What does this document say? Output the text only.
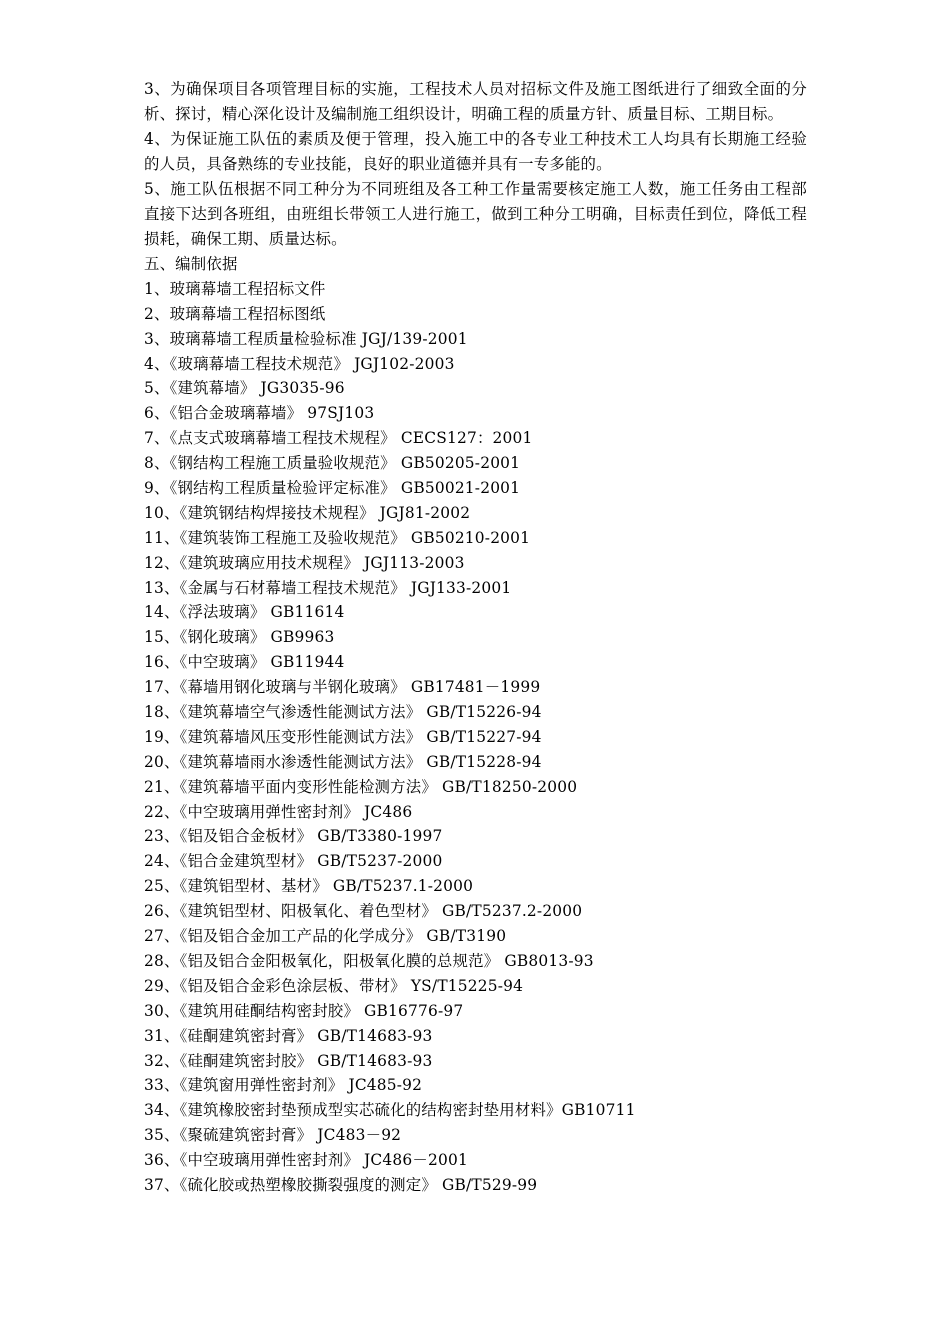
3、为确保项目各项管理目标的实施，工程技术人员对招标文件及施工图纸进行了细致全面的分析、探讨，精心深化设计及编制施工组织设计，明确工程的质量方针、质量目标、工期目标。

4、为保证施工队伍的素质及便于管理，投入施工中的各专业工种技术工人均具有长期施工经验的人员，具备熟练的专业技能，良好的职业道德并具有一专多能的。

5、施工队伍根据不同工种分为不同班组及各工种工作量需要核定施工人数，施工任务由工程部直接下达到各班组，由班组长带领工人进行施工，做到工种分工明确，目标责任到位，降低工程损耗，确保工期、质量达标。

五、编制依据

1、玻璃幕墙工程招标文件

2、玻璃幕墙工程招标图纸

3、玻璃幕墙工程质量检验标准 JGJ/139-2001

4、《玻璃幕墙工程技术规范》 JGJ102-2003

5、《建筑幕墙》 JG3035-96

6、《铝合金玻璃幕墙》 97SJ103

7、《点支式玻璃幕墙工程技术规程》 CECS127：2001

8、《钢结构工程施工质量验收规范》 GB50205-2001

9、《钢结构工程质量检验评定标准》 GB50021-2001

10、《建筑钢结构焊接技术规程》 JGJ81-2002

11、《建筑装饰工程施工及验收规范》 GB50210-2001

12、《建筑玻璃应用技术规程》 JGJ113-2003

13、《金属与石材幕墙工程技术规范》 JGJ133-2001

14、《浮法玻璃》 GB11614

15、《钢化玻璃》 GB9963

16、《中空玻璃》 GB11944

17、《幕墙用钢化玻璃与半钢化玻璃》 GB17481－1999

18、《建筑幕墙空气渗透性能测试方法》 GB/T15226-94

19、《建筑幕墙风压变形性能测试方法》 GB/T15227-94

20、《建筑幕墙雨水渗透性能测试方法》 GB/T15228-94

21、《建筑幕墙平面内变形性能检测方法》 GB/T18250-2000

22、《中空玻璃用弹性密封剂》 JC486

23、《铝及铝合金板材》 GB/T3380-1997

24、《铝合金建筑型材》 GB/T5237-2000

25、《建筑铝型材、基材》 GB/T5237.1-2000

26、《建筑铝型材、阳极氧化、着色型材》 GB/T5237.2-2000

27、《铝及铝合金加工产品的化学成分》 GB/T3190

28、《铝及铝合金阳极氧化，阳极氧化膜的总规范》 GB8013-93

29、《铝及铝合金彩色涂层板、带材》 YS/T15225-94

30、《建筑用硅酮结构密封胶》 GB16776-97

31、《硅酮建筑密封膏》 GB/T14683-93

32、《硅酮建筑密封胶》 GB/T14683-93

33、《建筑窗用弹性密封剂》 JC485-92

34、《建筑橡胶密封垫预成型实芯硫化的结构密封垫用材料》GB10711

35、《聚硫建筑密封膏》 JC483－92

36、《中空玻璃用弹性密封剂》 JC486－2001

37、《硫化胶或热塑橡胶撕裂强度的测定》 GB/T529-99
